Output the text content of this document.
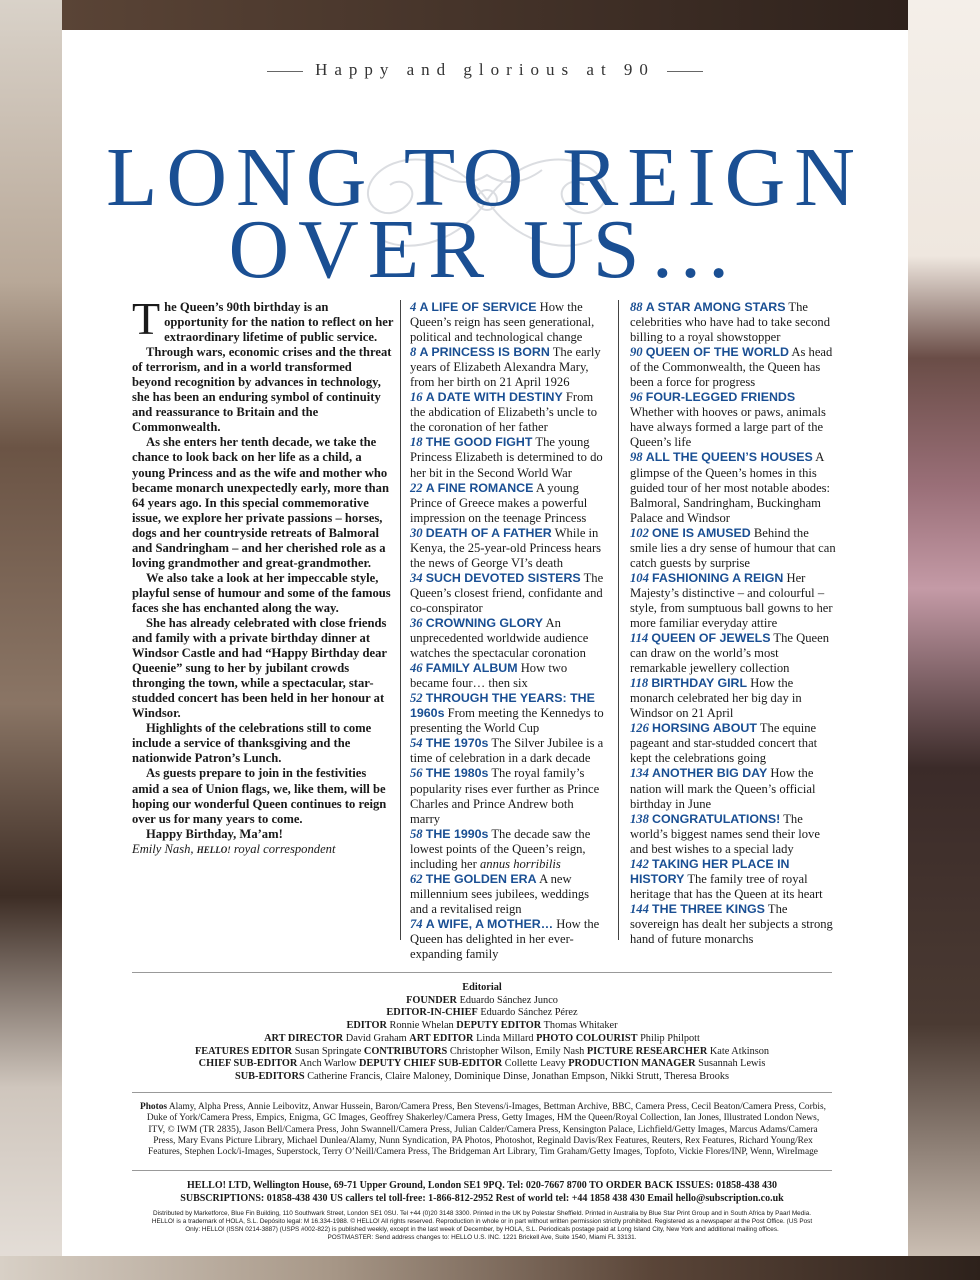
Happy and glorious at 90
LONG TO REIGN
OVER US…

The Queen’s 90th birthday is an opportunity for the nation to reflect on her extraordinary lifetime of public service.

Through wars, economic crises and the threat of terrorism, and in a world transformed beyond recognition by advances in technology, she has been an enduring symbol of continuity and reassurance to Britain and the Commonwealth.

As she enters her tenth decade, we take the chance to look back on her life as a child, a young Princess and as the wife and mother who became monarch unexpectedly early, more than 64 years ago. In this special commemorative issue, we explore her private passions – horses, dogs and her countryside retreats of Balmoral and Sandringham – and her cherished role as a loving grandmother and great-grandmother.

We also take a look at her impeccable style, playful sense of humour and some of the famous faces she has enchanted along the way.

She has already celebrated with close friends and family with a private birthday dinner at Windsor Castle and had “Happy Birthday dear Queenie” sung to her by jubilant crowds thronging the town, while a spectacular, star-studded concert has been held in her honour at Windsor.

Highlights of the celebrations still to come include a service of thanksgiving and the nationwide Patron’s Lunch.

As guests prepare to join in the festivities amid a sea of Union flags, we, like them, will be hoping our wonderful Queen continues to reign over us for many years to come.

Happy Birthday, Ma’am!

Emily Nash, HELLO! royal correspondent

4 A LIFE OF SERVICE How the Queen’s reign has seen generational, political and technological change

8 A PRINCESS IS BORN The early years of Elizabeth Alexandra Mary, from her birth on 21 April 1926

16 A DATE WITH DESTINY From the abdication of Elizabeth’s uncle to the coronation of her father

18 THE GOOD FIGHT The young Princess Elizabeth is determined to do her bit in the Second World War

22 A FINE ROMANCE A young Prince of Greece makes a powerful impression on the teenage Princess

30 DEATH OF A FATHER While in Kenya, the 25-year-old Princess hears the news of George VI’s death

34 SUCH DEVOTED SISTERS The Queen’s closest friend, confidante and co-conspirator

36 CROWNING GLORY An unprecedented worldwide audience watches the spectacular coronation

46 FAMILY ALBUM How two became four… then six

52 THROUGH THE YEARS: THE 1960s From meeting the Kennedys to presenting the World Cup

54 THE 1970s The Silver Jubilee is a time of celebration in a dark decade

56 THE 1980s The royal family’s popularity rises ever further as Prince Charles and Prince Andrew both marry

58 THE 1990s The decade saw the lowest points of the Queen’s reign, including her annus horribilis

62 THE GOLDEN ERA A new millennium sees jubilees, weddings and a revitalised reign

74 A WIFE, A MOTHER… How the Queen has delighted in her ever-expanding family

88 A STAR AMONG STARS The celebrities who have had to take second billing to a royal showstopper

90 QUEEN OF THE WORLD As head of the Commonwealth, the Queen has been a force for progress

96 FOUR-LEGGED FRIENDS Whether with hooves or paws, animals have always formed a large part of the Queen’s life

98 ALL THE QUEEN’S HOUSES A glimpse of the Queen’s homes in this guided tour of her most notable abodes: Balmoral, Sandringham, Buckingham Palace and Windsor

102 ONE IS AMUSED Behind the smile lies a dry sense of humour that can catch guests by surprise

104 FASHIONING A REIGN Her Majesty’s distinctive – and colourful – style, from sumptuous ball gowns to her more familiar everyday attire

114 QUEEN OF JEWELS The Queen can draw on the world’s most remarkable jewellery collection

118 BIRTHDAY GIRL How the monarch celebrated her big day in Windsor on 21 April

126 HORSING ABOUT The equine pageant and star-studded concert that kept the celebrations going

134 ANOTHER BIG DAY How the nation will mark the Queen’s official birthday in June

138 CONGRATULATIONS! The world’s biggest names send their love and best wishes to a special lady

142 TAKING HER PLACE IN HISTORY The family tree of royal heritage that has the Queen at its heart

144 THE THREE KINGS The sovereign has dealt her subjects a strong hand of future monarchs

Editorial
FOUNDER Eduardo Sánchez Junco
EDITOR-IN-CHIEF Eduardo Sánchez Pérez
EDITOR Ronnie Whelan DEPUTY EDITOR Thomas Whitaker
ART DIRECTOR David Graham ART EDITOR Linda Millard PHOTO COLOURIST Philip Philpott
FEATURES EDITOR Susan Springate CONTRIBUTORS Christopher Wilson, Emily Nash PICTURE RESEARCHER Kate Atkinson
CHIEF SUB-EDITOR Anch Warlow DEPUTY CHIEF SUB-EDITOR Collette Leavy PRODUCTION MANAGER Susannah Lewis
SUB-EDITORS Catherine Francis, Claire Maloney, Dominique Dinse, Jonathan Empson, Nikki Strutt, Theresa Brooks
Photos Alamy, Alpha Press, Annie Leibovitz, Anwar Hussein, Baron/Camera Press, Ben Stevens/i-Images, Bettman Archive, BBC, Camera Press, Cecil Beaton/Camera Press, Corbis, Duke of York/Camera Press, Empics, Enigma, GC Images, Geoffrey Shakerley/Camera Press, Getty Images, HM the Queen/Royal Collection, Ian Jones, Illustrated London News, ITV, © IWM (TR 2835), Jason Bell/Camera Press, John Swannell/Camera Press, Julian Calder/Camera Press, Kensington Palace, Lichfield/Getty Images, Marcus Adams/Camera Press, Mary Evans Picture Library, Michael Dunlea/Alamy, Nunn Syndication, PA Photos, Photoshot, Reginald Davis/Rex Features, Reuters, Rex Features, Richard Young/Rex Features, Stephen Lock/i-Images, Superstock, Terry O’Neill/Camera Press, The Bridgeman Art Library, Tim Graham/Getty Images, Topfoto, Vickie Flores/INP, Wenn, WireImage
HELLO! LTD, Wellington House, 69-71 Upper Ground, London SE1 9PQ. Tel: 020-7667 8700 TO ORDER BACK ISSUES: 01858-438 430
SUBSCRIPTIONS: 01858-438 430 US callers tel toll-free: 1-866-812-2952 Rest of world tel: +44 1858 438 430 Email hello@subscription.co.uk
Distributed by Marketforce, Blue Fin Building, 110 Southwark Street, London SE1 0SU. Tel +44 (0)20 3148 3300. Printed in the UK by Polestar Sheffield. Printed in Australia by Blue Star Print Group and in South Africa by Paarl Media.
HELLO! is a trademark of HOLA, S.L. Depósito legal: M 16.334-1988. © HELLO! All rights reserved. Reproduction in whole or in part without written permission strictly prohibited. Registered as a newspaper at the Post Office. (US Post
Only: HELLO! (ISSN 0214-3887) (USPS #002-822) is published weekly, except in the last week of December, by HOLA, S.L. Periodicals postage paid at Long Island City, New York and additional mailing offices.
POSTMASTER: Send address changes to: HELLO U.S. INC. 1221 Brickell Ave, Suite 1540, Miami FL 33131.
